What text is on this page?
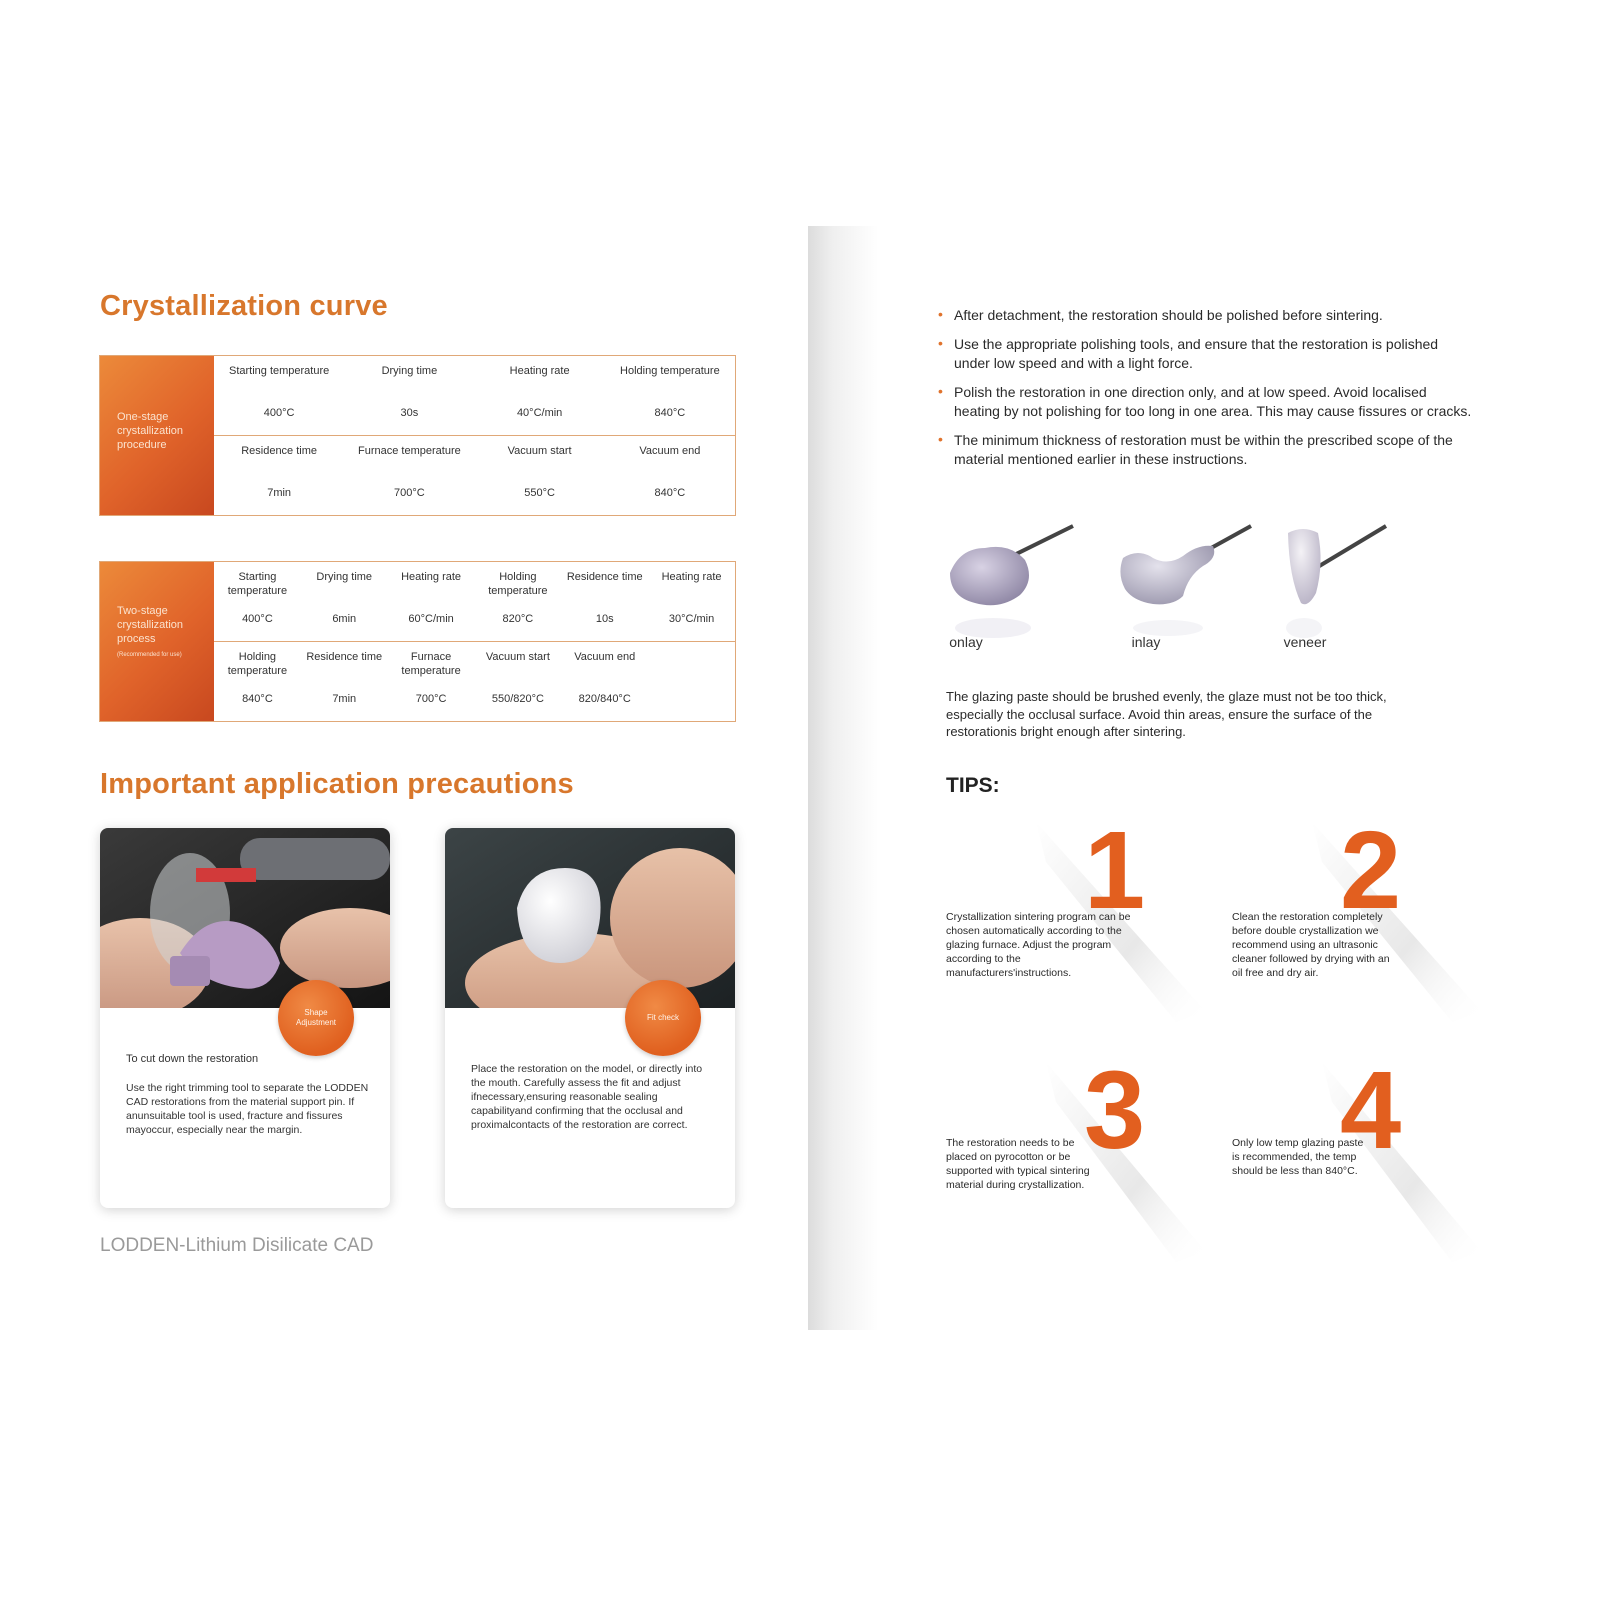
Crystallization curve
One-stage crystallization procedure
Starting temperature
400°C
Drying time
30s
Heating rate
40°C/min
Holding temperature
840°C
Residence time
7min
Furnace temperature
700°C
Vacuum start
550°C
Vacuum end
840°C
Two-stage crystallization process
(Recommended for use)
Starting temperature
400°C
Drying time
6min
Heating rate
60°C/min
Holding temperature
820°C
Residence time
10s
Heating rate
30°C/min
Holding temperature
840°C
Residence time
7min
Furnace temperature
700°C
Vacuum start
550/820°C
Vacuum end
820/840°C
Important application precautions
Shape Adjustment
To cut down the restoration
Use the right trimming tool to separate the LODDEN CAD restorations from the material support pin. If anunsuitable tool is used, fracture and fissures mayoccur, especially near the margin.
Fit check
Place the restoration on the model, or directly into the mouth. Carefully assess the fit and adjust ifnecessary,ensuring reasonable sealing capabilityand confirming that the occlusal and proximalcontacts of the restoration are correct.
LODDEN-Lithium Disilicate CAD
• After detachment, the restoration should be polished before sintering.
• Use the appropriate polishing tools, and ensure that the restoration is polished under low speed and with a light force.
• Polish the restoration in one direction only, and at low speed. Avoid localised heating by not polishing for too long in one area. This may cause fissures or cracks.
• The minimum thickness of restoration must be within the prescribed scope of the material mentioned earlier in these instructions.
onlay	inlay	veneer
The glazing paste should be brushed evenly, the glaze must not be too thick, especially the occlusal surface. Avoid thin areas, ensure the surface of the restorationis bright enough after sintering.
TIPS:
1
Crystallization sintering program can be chosen automatically according to the glazing furnace. Adjust the program according to the manufacturers'instructions.
2
Clean the restoration completely before double crystallization we recommend using an ultrasonic cleaner followed by drying with an oil free and dry air.
3
The restoration needs to be placed on pyrocotton or be supported with typical sintering material during crystallization.
4
Only low temp glazing paste is recommended, the temp should be less than 840°C.
